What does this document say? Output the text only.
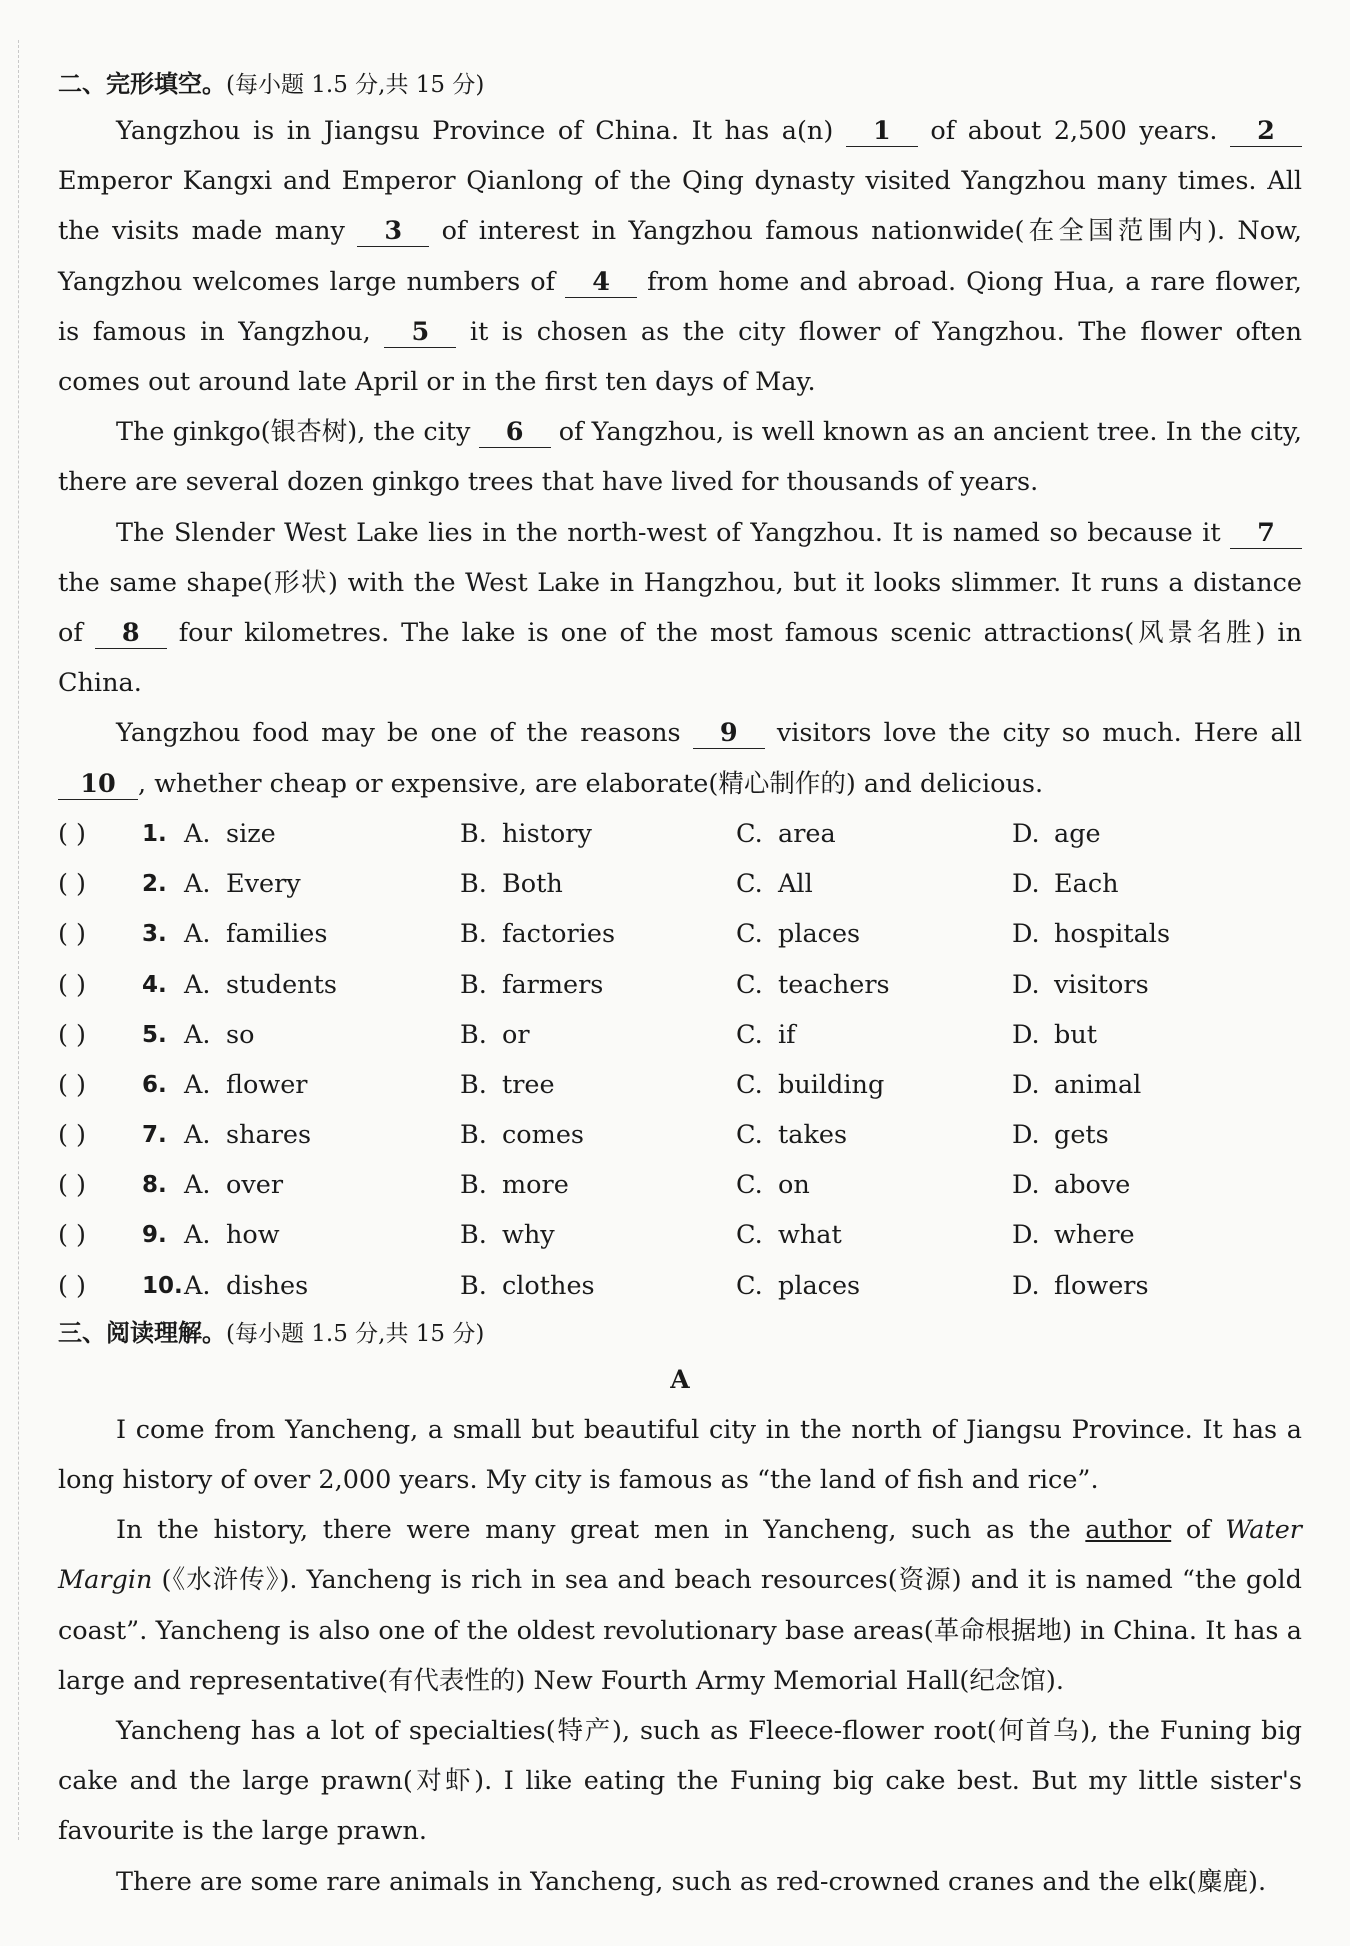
二、完形填空。(每小题 1.5 分,共 15 分)

Yangzhou is in Jiangsu Province of China. It has a(n) 1 of about 2,500 years. 2 Emperor Kangxi and Emperor Qianlong of the Qing dynasty visited Yangzhou many times. All the visits made many 3 of interest in Yangzhou famous nationwide(在全国范围内). Now, Yangzhou welcomes large numbers of 4 from home and abroad. Qiong Hua, a rare flower, is famous in Yangzhou, 5 it is chosen as the city flower of Yangzhou. The flower often comes out around late April or in the first ten days of May.

The ginkgo(银杏树), the city 6 of Yangzhou, is well known as an ancient tree. In the city, there are several dozen ginkgo trees that have lived for thousands of years.

The Slender West Lake lies in the north-west of Yangzhou. It is named so because it 7 the same shape(形状) with the West Lake in Hangzhou, but it looks slimmer. It runs a distance of 8 four kilometres. The lake is one of the most famous scenic attractions(风景名胜) in China.

Yangzhou food may be one of the reasons 9 visitors love the city so much. Here all 10 , whether cheap or expensive, are elaborate(精心制作的) and delicious.

( )	1. A. size	B. history	C. area	D. age
( )	2. A. Every	B. Both	C. All	D. Each
( )	3. A. families	B. factories	C. places	D. hospitals
( )	4. A. students	B. farmers	C. teachers	D. visitors
( )	5. A. so	B. or	C. if	D. but
( )	6. A. flower	B. tree	C. building	D. animal
( )	7. A. shares	B. comes	C. takes	D. gets
( )	8. A. over	B. more	C. on	D. above
( )	9. A. how	B. why	C. what	D. where
( )	10. A. dishes	B. clothes	C. places	D. flowers
三、阅读理解。(每小题 1.5 分,共 15 分)
A

I come from Yancheng, a small but beautiful city in the north of Jiangsu Province. It has a long history of over 2,000 years. My city is famous as “the land of fish and rice”.

In the history, there were many great men in Yancheng, such as the author of Water Margin (《水浒传》). Yancheng is rich in sea and beach resources(资源) and it is named “the gold coast”. Yancheng is also one of the oldest revolutionary base areas(革命根据地) in China. It has a large and representative(有代表性的) New Fourth Army Memorial Hall(纪念馆).

Yancheng has a lot of specialties(特产), such as Fleece-flower root(何首乌), the Funing big cake and the large prawn(对虾). I like eating the Funing big cake best. But my little sister's favourite is the large prawn.

There are some rare animals in Yancheng, such as red-crowned cranes and the elk(麋鹿).
